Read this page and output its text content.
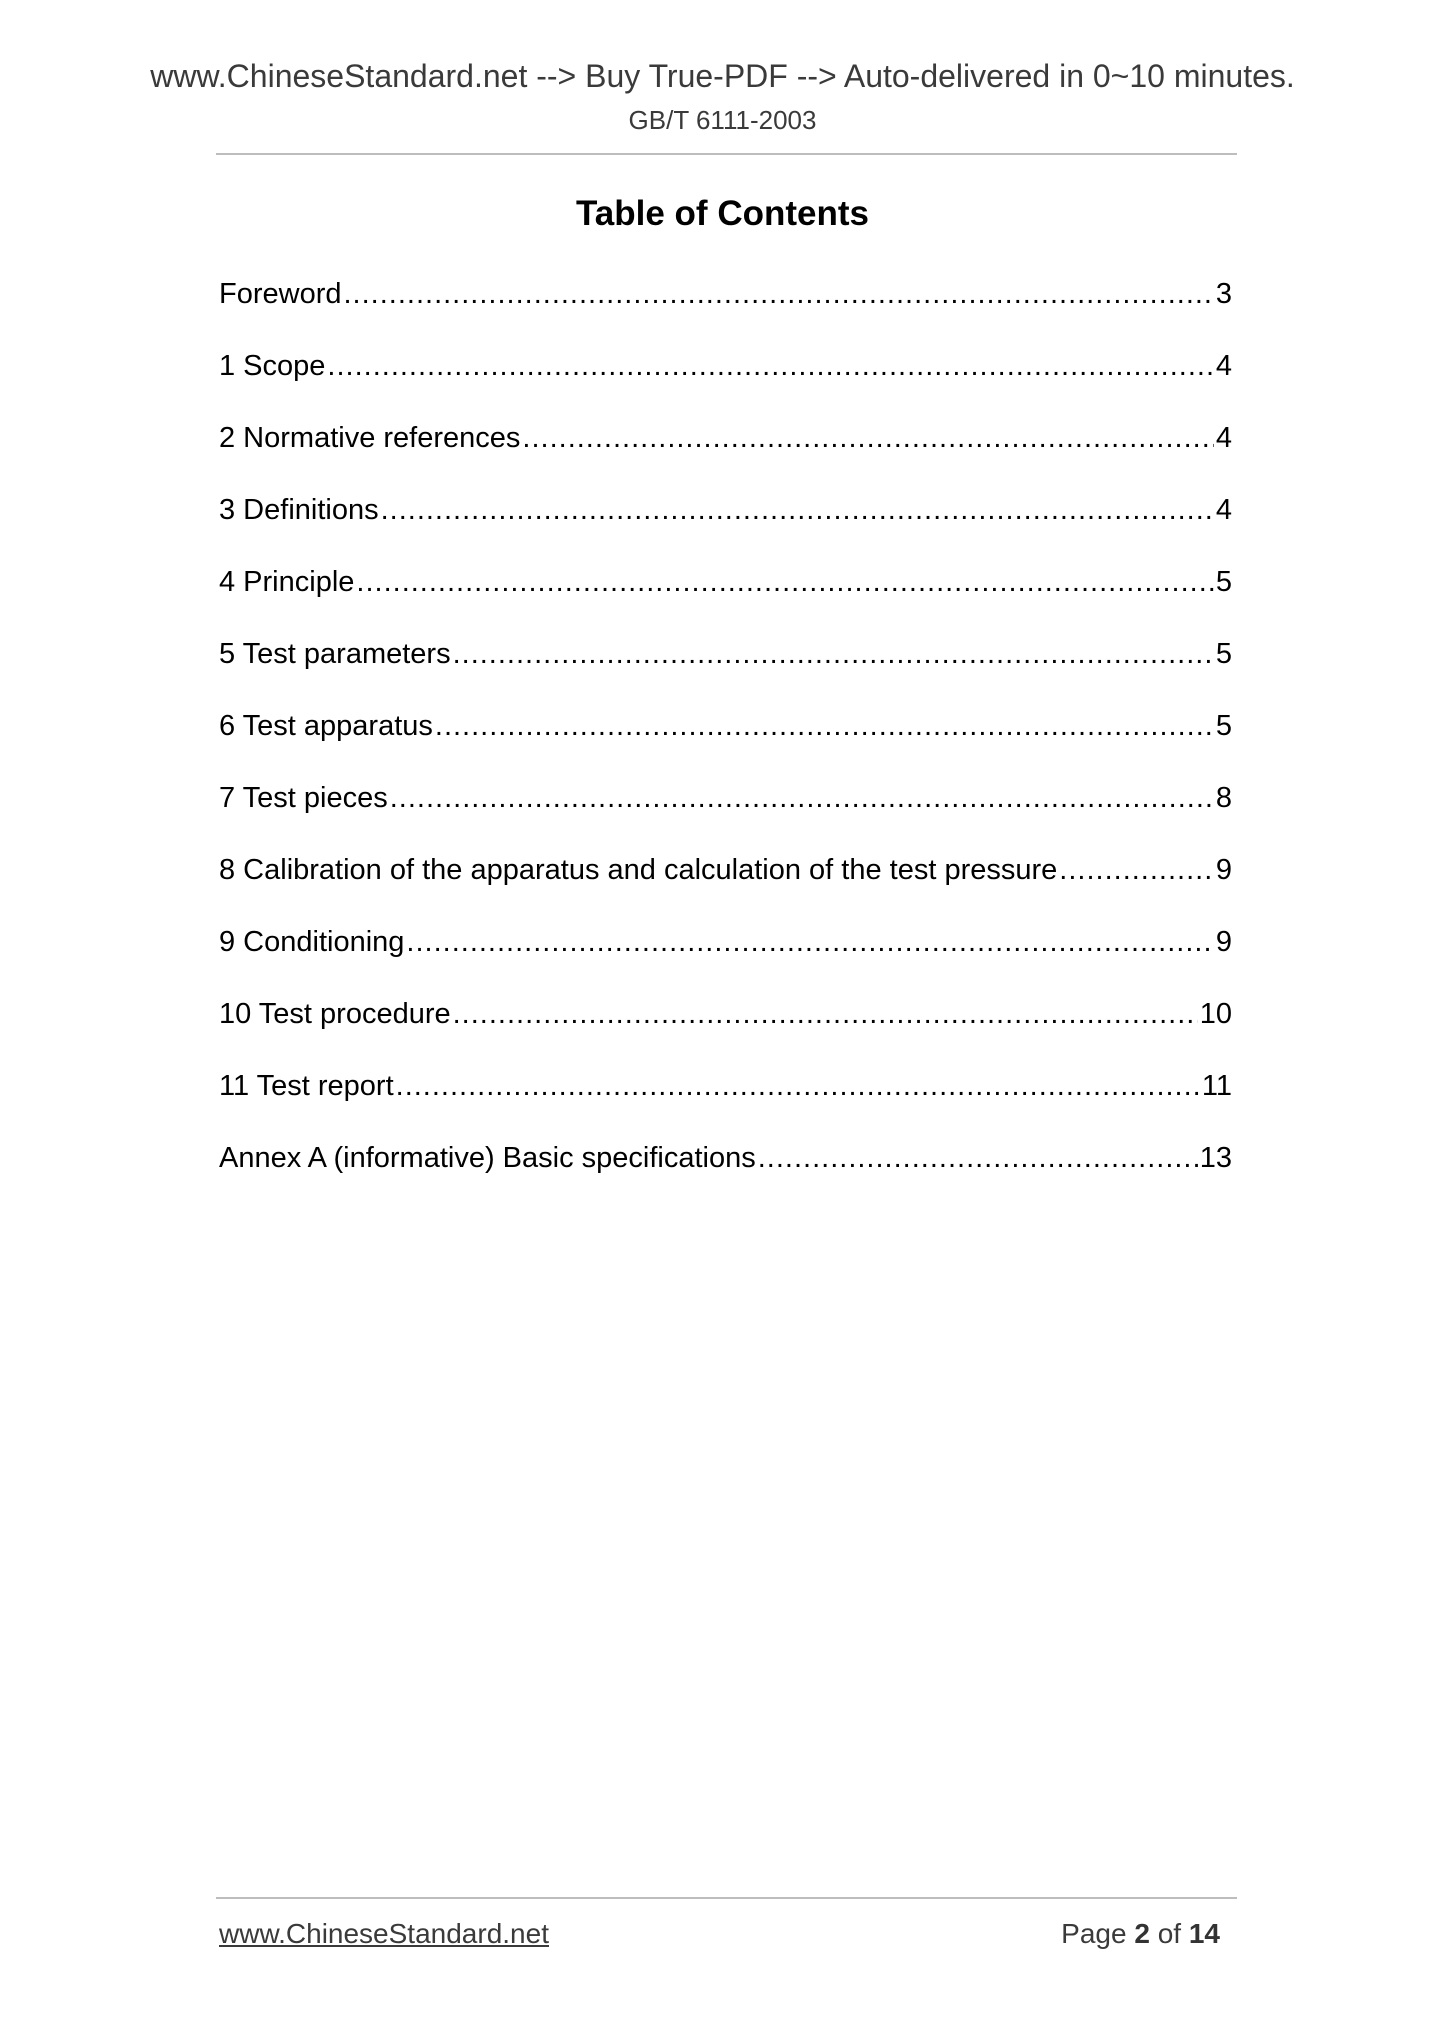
www.ChineseStandard.net --> Buy True-PDF --> Auto-delivered in 0~10 minutes.
GB/T 6111-2003
Table of Contents
Foreword .....	3
1 Scope .....	4
2 Normative references .....	4
3 Definitions .....	4
4 Principle .....	5
5 Test parameters .....	5
6 Test apparatus .....	5
7 Test pieces .....	8
8 Calibration of the apparatus and calculation of the test pressure .....	9
9 Conditioning .....	9
10 Test procedure .....	10
11 Test report .....	11
Annex A (informative) Basic specifications .....	13
www.ChineseStandard.net	Page 2 of 14
